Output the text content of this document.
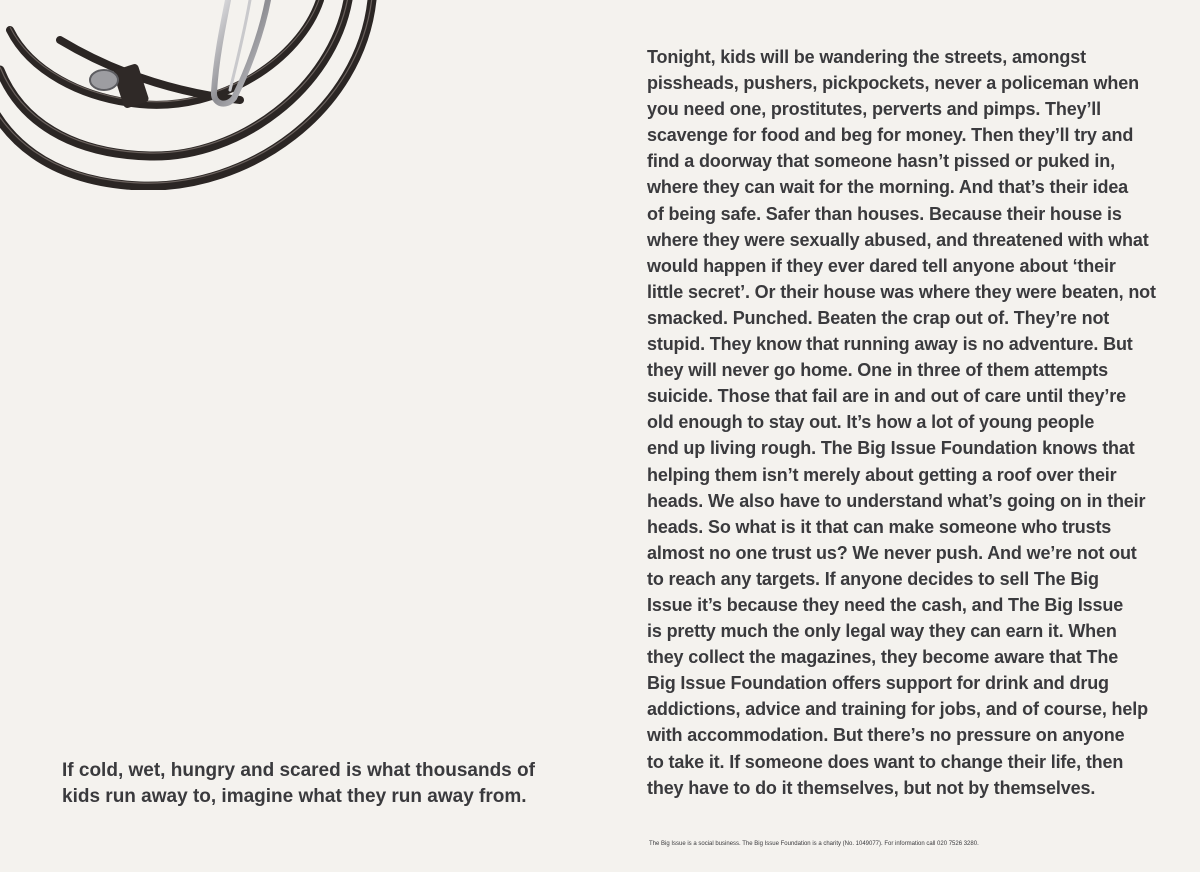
If cold, wet, hungry and scared is what thousands of
kids run away to, imagine what they run away from.
Tonight, kids will be wandering the streets, amongst
pissheads, pushers, pickpockets, never a policeman when
you need one, prostitutes, perverts and pimps. They’ll
scavenge for food and beg for money. Then they’ll try and
find a doorway that someone hasn’t pissed or puked in,
where they can wait for the morning. And that’s their idea
of being safe. Safer than houses. Because their house is
where they were sexually abused, and threatened with what
would happen if they ever dared tell anyone about ‘their
little secret’. Or their house was where they were beaten, not
smacked. Punched. Beaten the crap out of. They’re not
stupid. They know that running away is no adventure. But
they will never go home. One in three of them attempts
suicide. Those that fail are in and out of care until they’re
old enough to stay out. It’s how a lot of young people
end up living rough. The Big Issue Foundation knows that
helping them isn’t merely about getting a roof over their
heads. We also have to understand what’s going on in their
heads. So what is it that can make someone who trusts
almost no one trust us? We never push. And we’re not out
to reach any targets. If anyone decides to sell The Big
Issue it’s because they need the cash, and The Big Issue
is pretty much the only legal way they can earn it. When
they collect the magazines, they become aware that The
Big Issue Foundation offers support for drink and drug
addictions, advice and training for jobs, and of course, help
with accommodation. But there’s no pressure on anyone
to take it. If someone does want to change their life, then
they have to do it themselves, but not by themselves.
The Big Issue is a social business. The Big Issue Foundation is a charity (No. 1049077). For information call 020 7526 3280.
